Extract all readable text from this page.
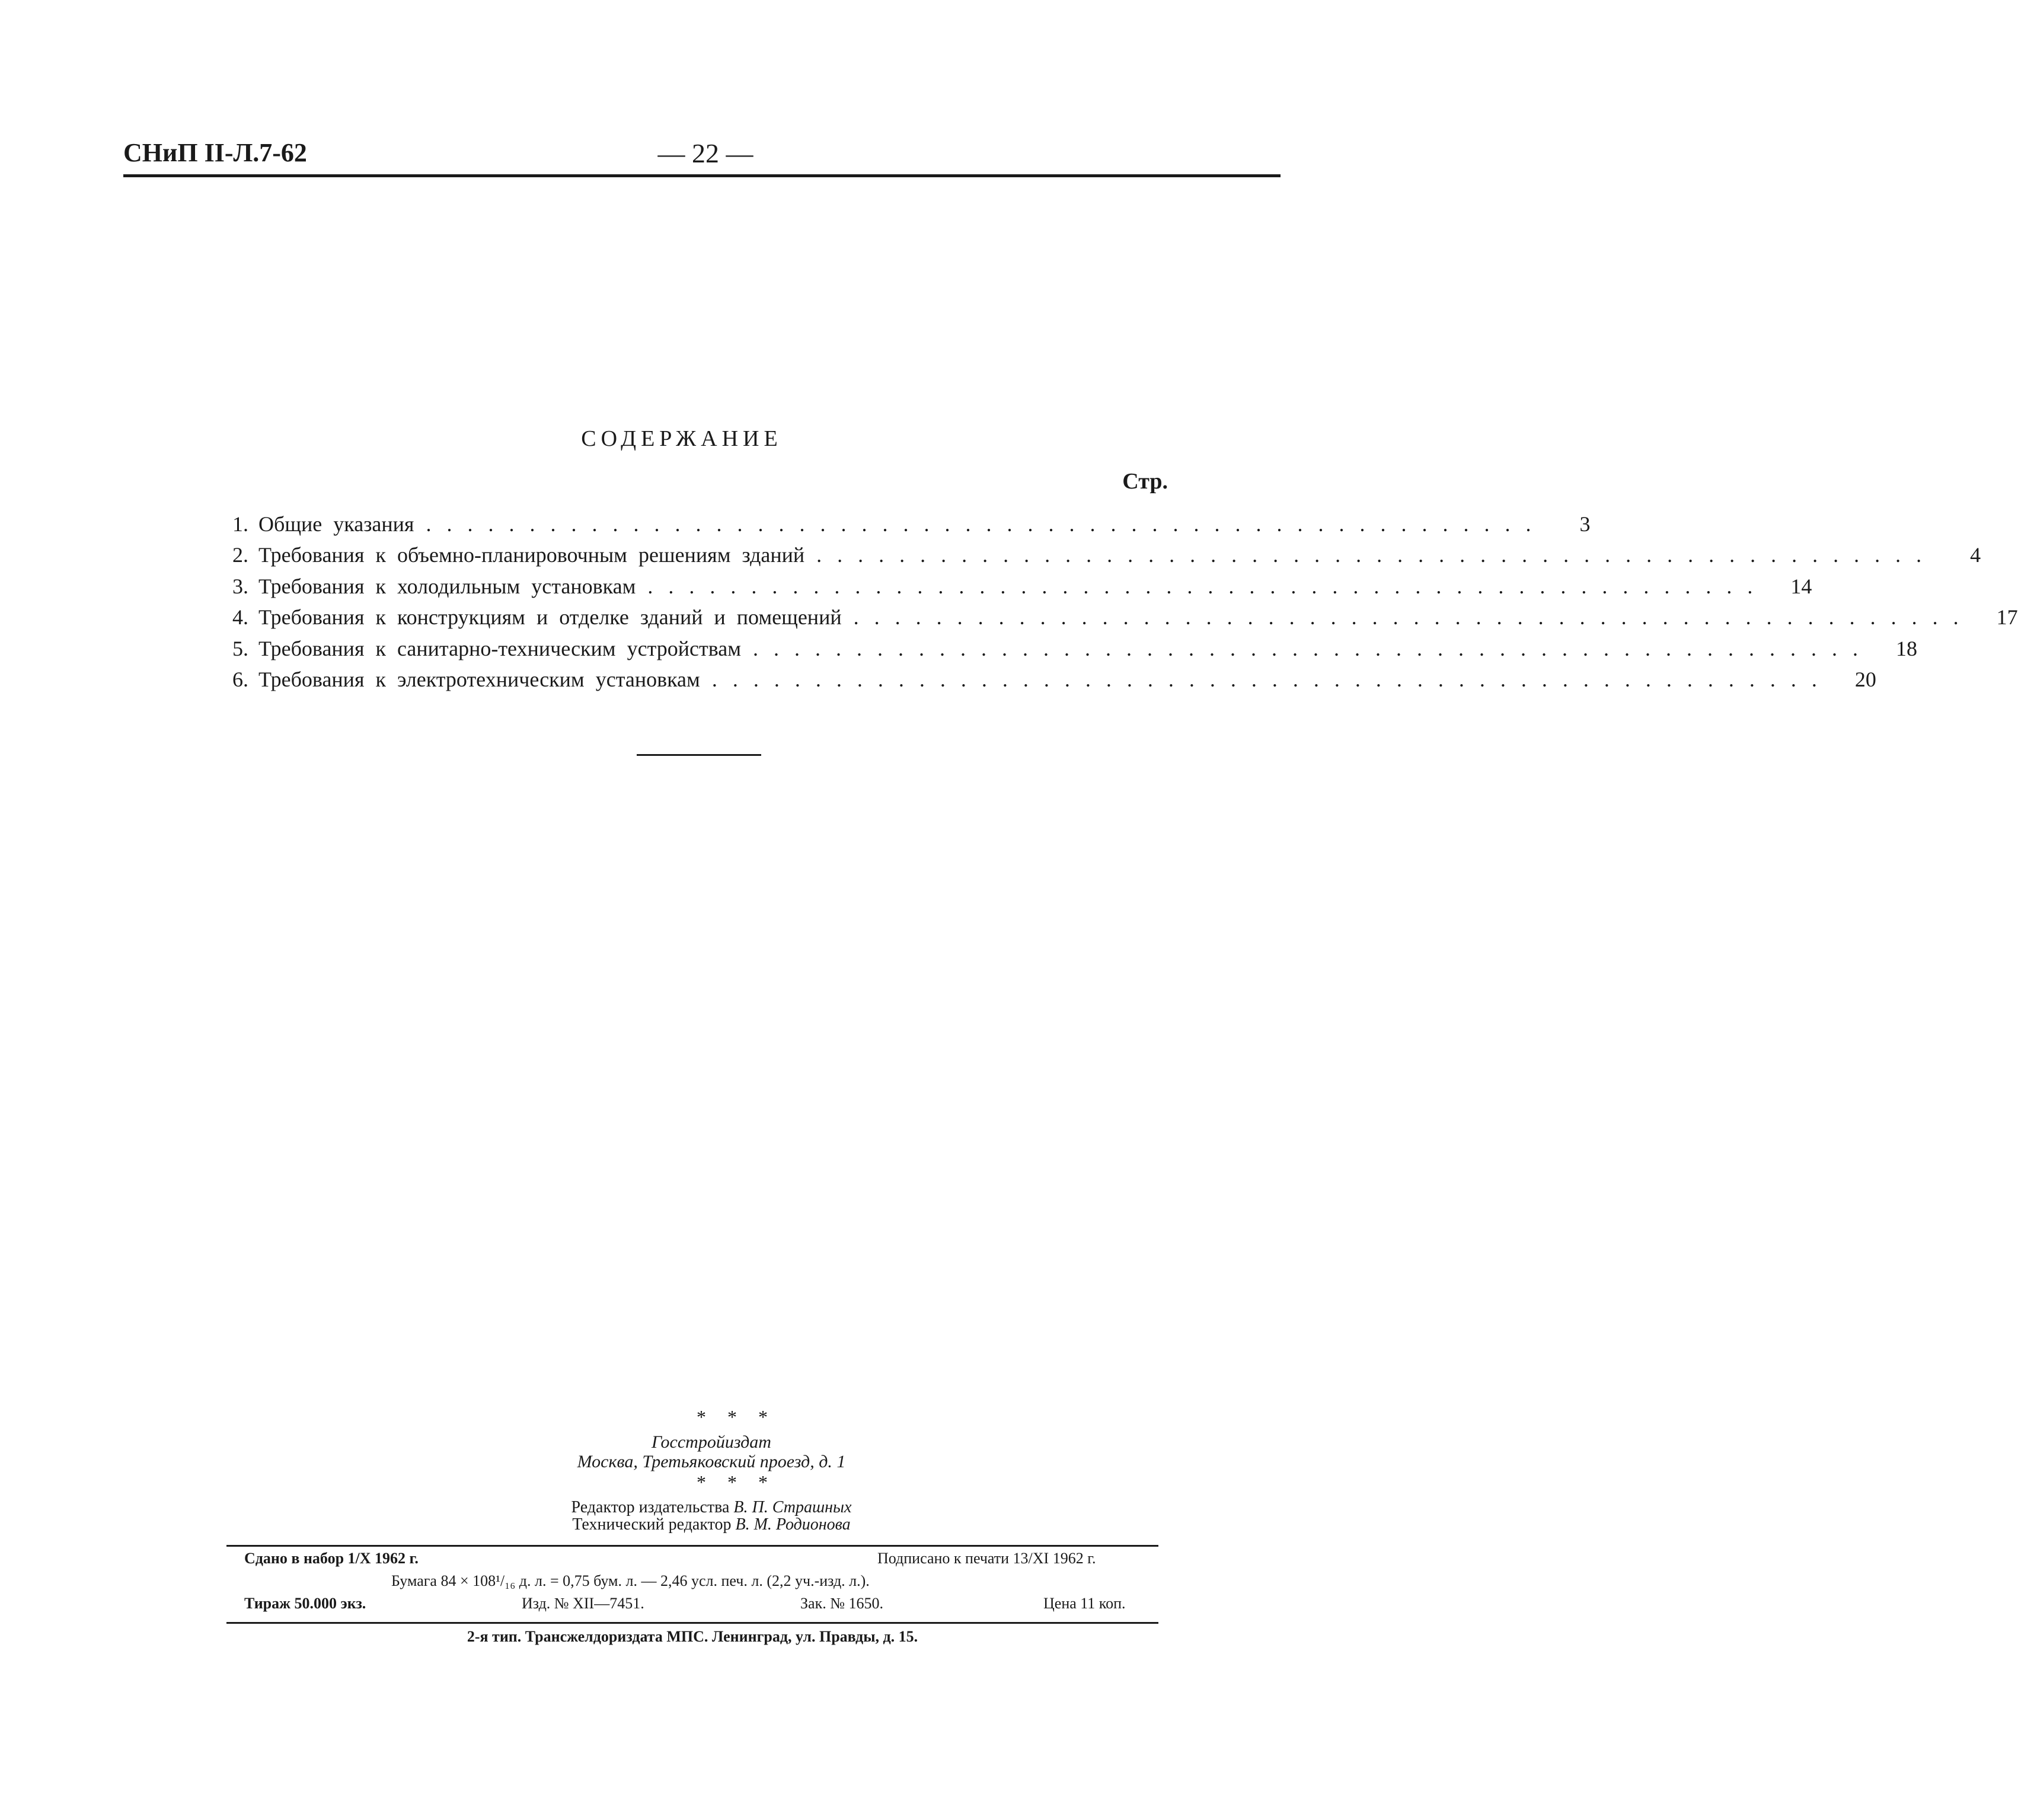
СНиП II-Л.7-62	— 22 —
СОДЕРЖАНИЕ
Стр.
1. Общие указания ......................................................	3
2. Требования к объемно-планировочным решениям зданий ......................................................	4
3. Требования к холодильным установкам ......................................................	14
4. Требования к конструкциям и отделке зданий и помещений ......................................................	17
5. Требования к санитарно-техническим устройствам ......................................................	18
6. Требования к электротехническим установкам ......................................................	20
* * *
Госстройиздат
Москва, Третьяковский проезд, д. 1
* * *
Редактор издательства В. П. Страшных
Технический редактор В. М. Родионова
Сдано в набор 1/X 1962 г.	Подписано к печати 13/XI 1962 г.
Бумага 84 × 108¹/₁₆ д. л. = 0,75 бум. л. — 2,46 усл. печ. л. (2,2 уч.-изд. л.).
Тираж 50.000 экз.	Изд. № XII—7451.	Зак. № 1650.	Цена 11 коп.
2-я тип. Трансжелдориздата МПС. Ленинград, ул. Правды, д. 15.
